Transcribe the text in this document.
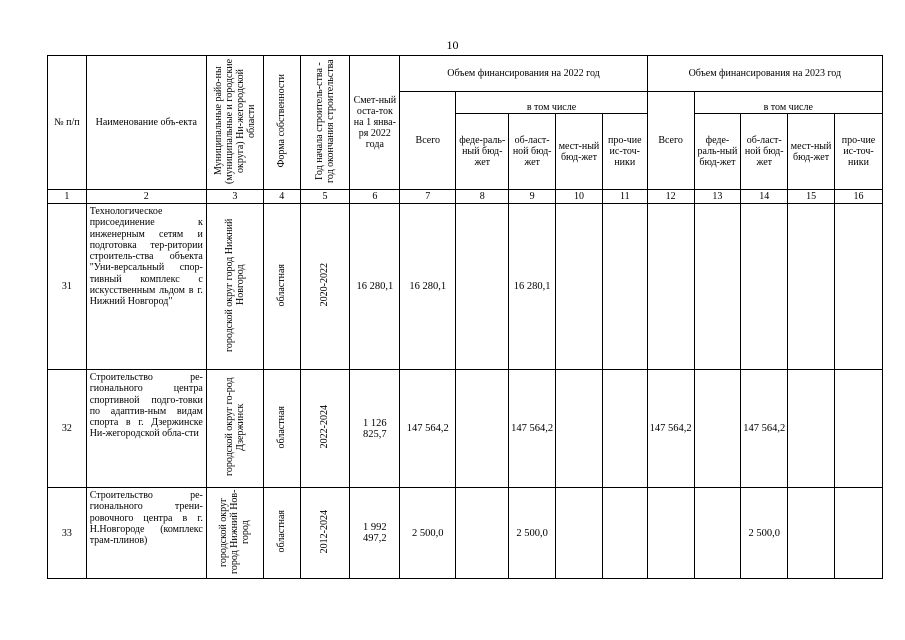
10
№ п/п	Наименование объ-екта	Муниципальные райо-ны (муниципальные и городские округа) Ни-жегородской области	Форма собственности	Год начала строитель-ства - год окончания строительства	Смет-ный оста-ток на 1 янва-ря 2022 года	Объем финансирования на 2022 год					Объем финансирования на 2023 год				
						Всего	в том числе				Всего	в том числе			
							феде-раль-ный бюд-жет	об-ласт-ной бюд-жет	мест-ный бюд-жет	про-чие ис-точ-ники		феде-раль-ный бюд-жет	об-ласт-ной бюд-жет	мест-ный бюд-жет	про-чие ис-точ-ники
1	2	3	4	5	6	7	8	9	10	11	12	13	14	15	16
31	Технологическое присоединение к инженерным сетям и подготовка тер-ритории строитель-ства объекта "Уни-версальный спор-тивный комплекс с искусственным льдом в г. Нижний Новгород"	городской округ город Нижний Новгород	областная	2020-2022	16 280,1	16 280,1		16 280,1							
32	Строительство ре-гионального центра спортивной подго-товки по адаптив-ным видам спорта в г. Дзержинске Ни-жегородской обла-сти	городской округ го-род Дзержинск	областная	2022-2024	1 126 825,7	147 564,2		147 564,2			147 564,2		147 564,2		
33	Строительство ре-гионального трени-ровочного центра в г. Н.Новгороде (комплекс трам-плинов)	городской округ город Нижний Нов-город	областная	2012-2024	1 992 497,2	2 500,0		2 500,0					2 500,0		
